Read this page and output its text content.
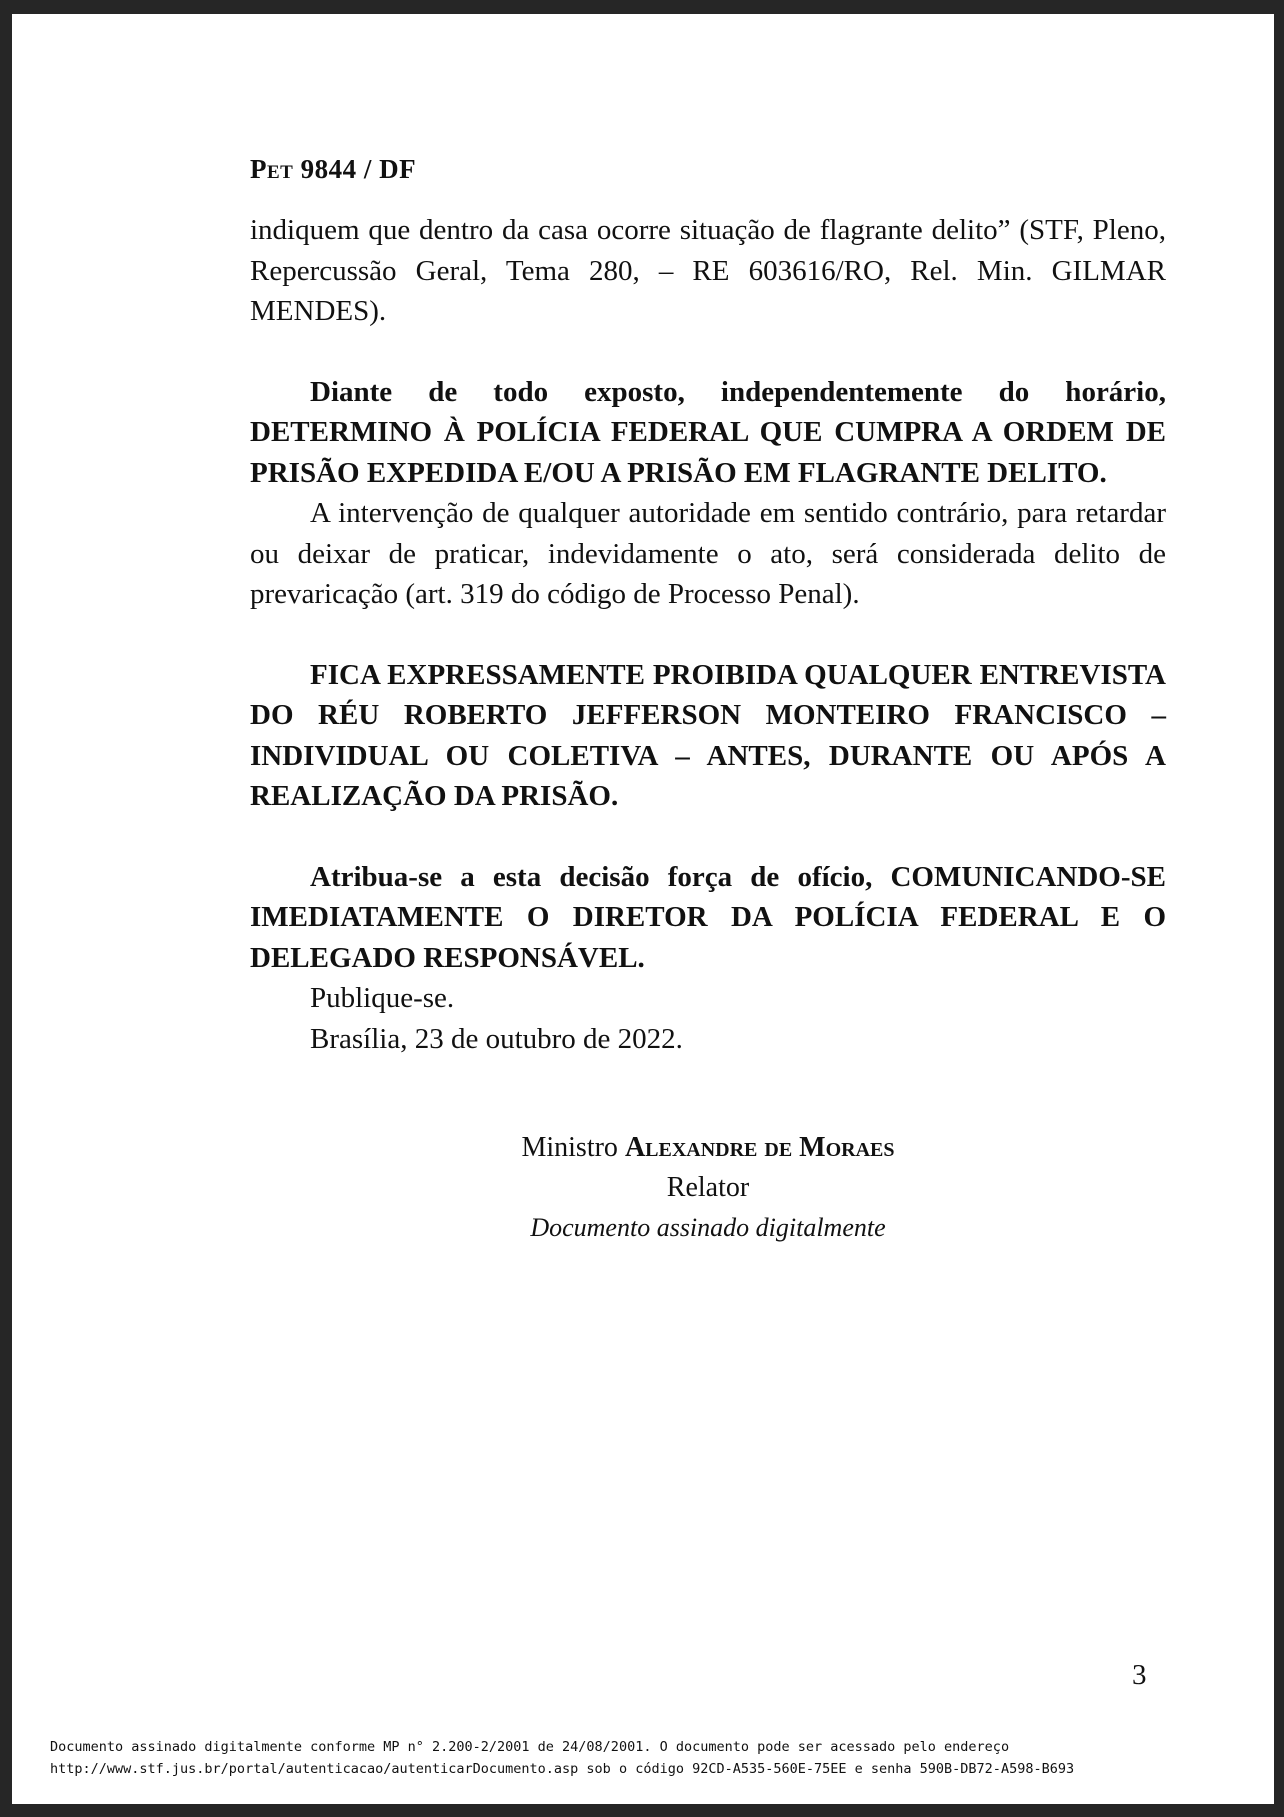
Pet 9844 / DF

indiquem que dentro da casa ocorre situação de flagrante delito” (STF, Pleno, Repercussão Geral, Tema 280, – RE 603616/RO, Rel. Min. GILMAR MENDES).

Diante de todo exposto, independentemente do horário, DETERMINO À POLÍCIA FEDERAL QUE CUMPRA A ORDEM DE PRISÃO EXPEDIDA E/OU A PRISÃO EM FLAGRANTE DELITO.

A intervenção de qualquer autoridade em sentido contrário, para retardar ou deixar de praticar, indevidamente o ato, será considerada delito de prevaricação (art. 319 do código de Processo Penal).

FICA EXPRESSAMENTE PROIBIDA QUALQUER ENTREVISTA DO RÉU ROBERTO JEFFERSON MONTEIRO FRANCISCO – INDIVIDUAL OU COLETIVA – ANTES, DURANTE OU APÓS A REALIZAÇÃO DA PRISÃO.

Atribua-se a esta decisão força de ofício, COMUNICANDO-SE IMEDIATAMENTE O DIRETOR DA POLÍCIA FEDERAL E O DELEGADO RESPONSÁVEL.

Publique-se.

Brasília, 23 de outubro de 2022.

Ministro Alexandre de Moraes
Relator
Documento assinado digitalmente
3
Documento assinado digitalmente conforme MP n° 2.200-2/2001 de 24/08/2001. O documento pode ser acessado pelo endereço
http://www.stf.jus.br/portal/autenticacao/autenticarDocumento.asp sob o código 92CD-A535-560E-75EE e senha 590B-DB72-A598-B693
